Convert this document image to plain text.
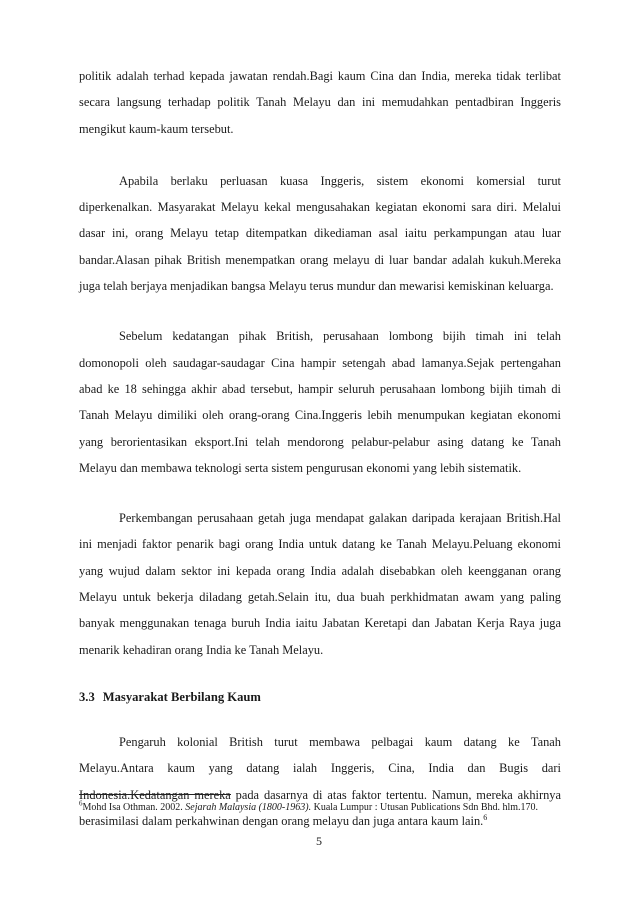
politik adalah terhad kepada jawatan rendah.Bagi kaum Cina dan India, mereka tidak terlibat secara langsung terhadap politik Tanah Melayu dan ini memudahkan pentadbiran Inggeris mengikut kaum-kaum tersebut.

Apabila berlaku perluasan kuasa Inggeris, sistem ekonomi komersial turut diperkenalkan. Masyarakat Melayu kekal mengusahakan kegiatan ekonomi sara diri. Melalui dasar ini, orang Melayu tetap ditempatkan dikediaman asal iaitu perkampungan atau luar bandar.Alasan pihak British menempatkan orang melayu di luar bandar adalah kukuh.Mereka juga telah berjaya menjadikan bangsa Melayu terus mundur dan mewarisi kemiskinan keluarga.

Sebelum kedatangan pihak British, perusahaan lombong bijih timah ini telah domonopoli oleh saudagar-saudagar Cina hampir setengah abad lamanya.Sejak pertengahan abad ke 18 sehingga akhir abad tersebut, hampir seluruh perusahaan lombong bijih timah di Tanah Melayu dimiliki oleh orang-orang Cina.Inggeris lebih menumpukan kegiatan ekonomi yang berorientasikan eksport.Ini telah mendorong pelabur-pelabur asing datang ke Tanah Melayu dan membawa teknologi serta sistem pengurusan ekonomi yang lebih sistematik.

Perkembangan perusahaan getah juga mendapat galakan daripada kerajaan British.Hal ini menjadi faktor penarik bagi orang India untuk datang ke Tanah Melayu.Peluang ekonomi yang wujud dalam sektor ini kepada orang India adalah disebabkan oleh keengganan orang Melayu untuk bekerja diladang getah.Selain itu, dua buah perkhidmatan awam yang paling banyak menggunakan tenaga buruh India iaitu Jabatan Keretapi dan Jabatan Kerja Raya juga menarik kehadiran orang India ke Tanah Melayu.

3.3 Masyarakat Berbilang Kaum

Pengaruh kolonial British turut membawa pelbagai kaum datang ke Tanah Melayu.Antara kaum yang datang ialah Inggeris, Cina, India dan Bugis dari Indonesia.Kedatangan mereka pada dasarnya di atas faktor tertentu. Namun, mereka akhirnya berasimilasi dalam perkahwinan dengan orang melayu dan juga antara kaum lain.$^6$

$^6$Mohd Isa Othman. 2002. Sejarah Malaysia (1800-1963). Kuala Lumpur : Utusan Publications Sdn Bhd. hlm.170.
5
